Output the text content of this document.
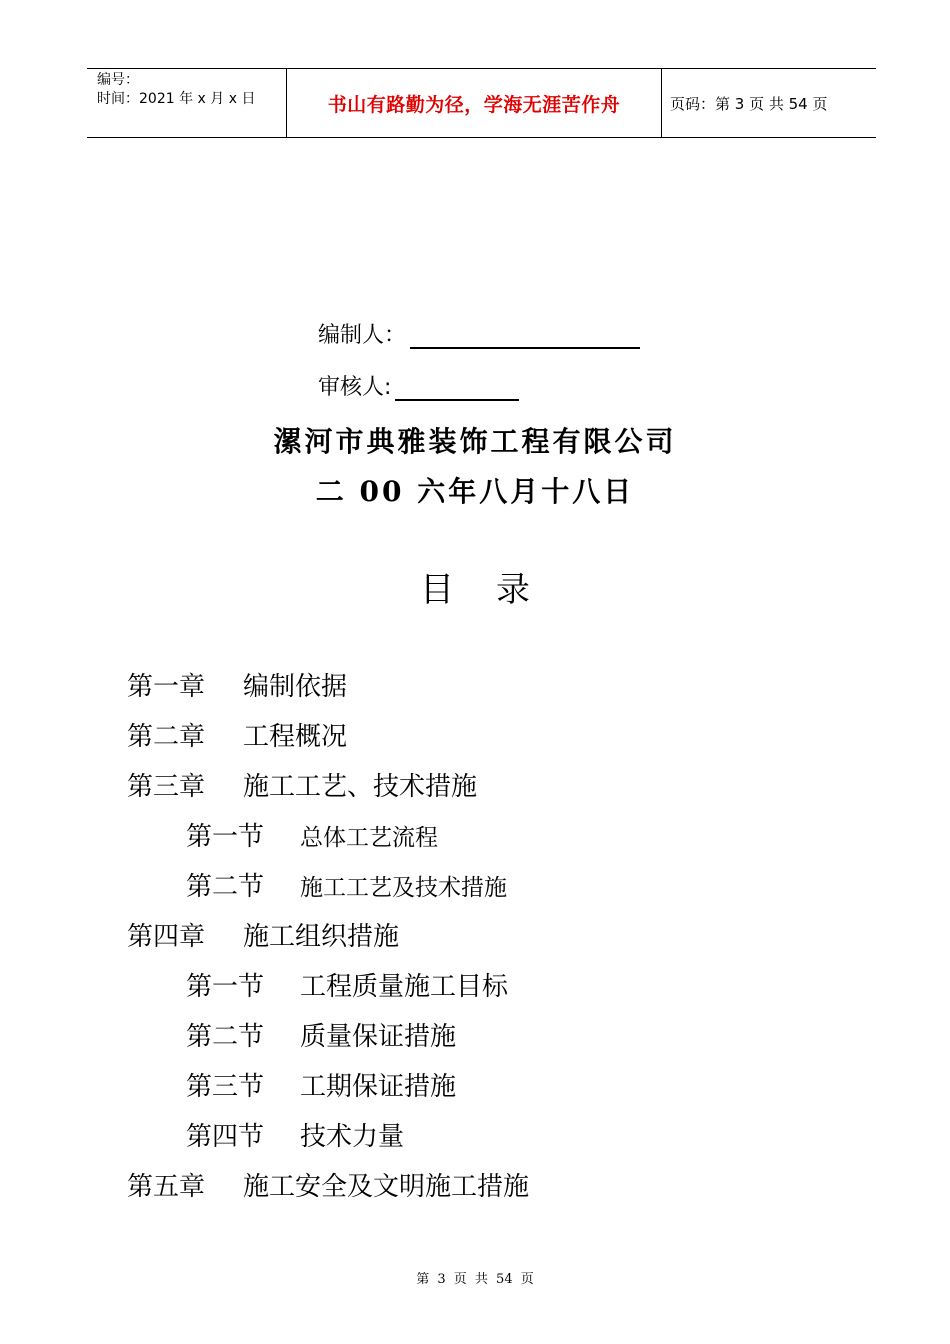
编号：
时间：2021 年 x 月 x 日	书山有路勤为径，学海无涯苦作舟	页码：第 3 页 共 54 页
编制人：
审核人:
漯河市典雅装饰工程有限公司
二 00 六年八月十八日
目录
第一章 编制依据
第二章 工程概况
第三章 施工工艺、技术措施
第一节 总体工艺流程
第二节 施工工艺及技术措施
第四章 施工组织措施
第一节 工程质量施工目标
第二节 质量保证措施
第三节 工期保证措施
第四节 技术力量
第五章 施工安全及文明施工措施
第 3 页 共 54 页
